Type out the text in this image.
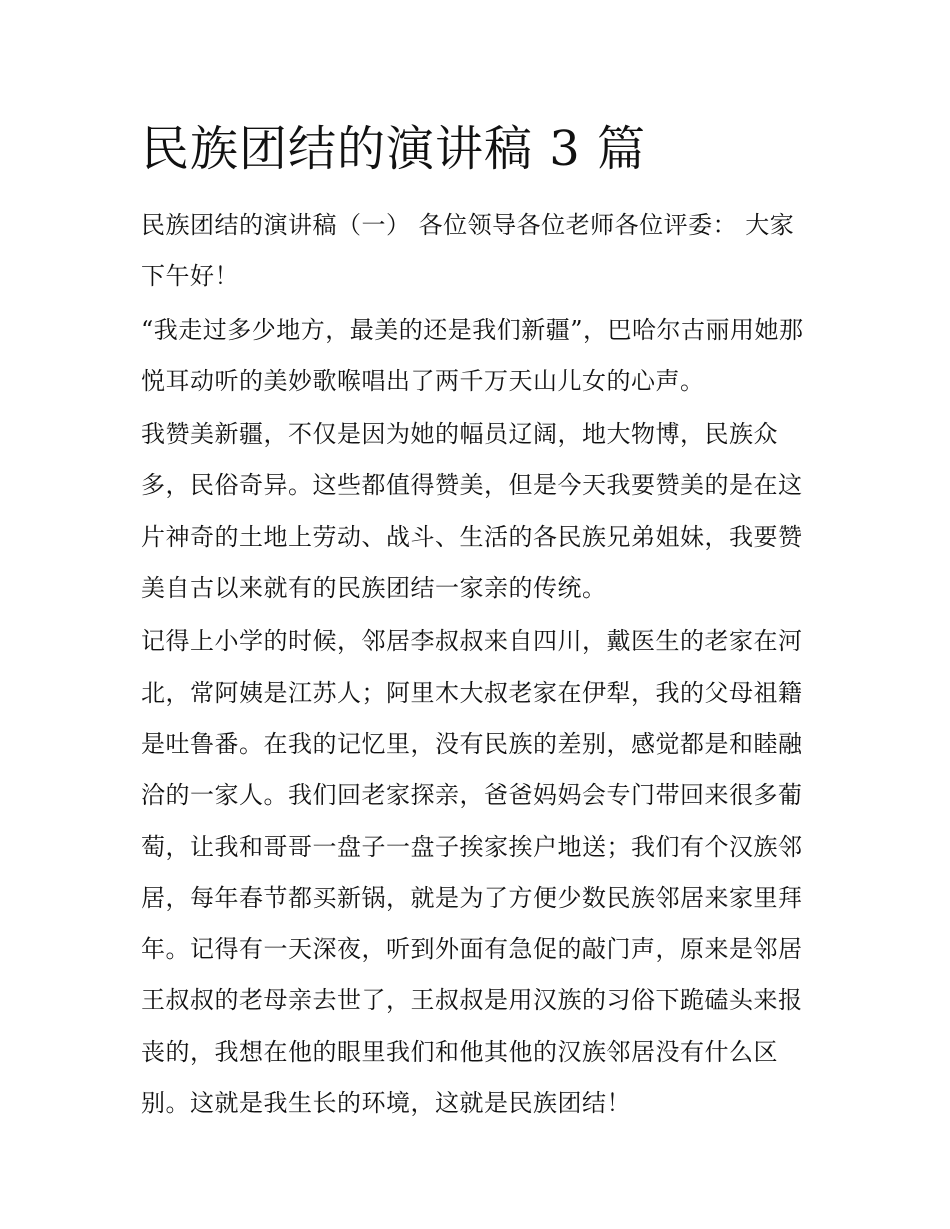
民族团结的演讲稿 3 篇

民族团结的演讲稿（一） 各位领导各位老师各位评委： 大家下午好！

“我走过多少地方，最美的还是我们新疆”，巴哈尔古丽用她那悦耳动听的美妙歌喉唱出了两千万天山儿女的心声。

我赞美新疆，不仅是因为她的幅员辽阔，地大物博，民族众多，民俗奇异。这些都值得赞美，但是今天我要赞美的是在这片神奇的土地上劳动、战斗、生活的各民族兄弟姐妹，我要赞美自古以来就有的民族团结一家亲的传统。

记得上小学的时候，邻居李叔叔来自四川，戴医生的老家在河北，常阿姨是江苏人；阿里木大叔老家在伊犁，我的父母祖籍是吐鲁番。在我的记忆里，没有民族的差别，感觉都是和睦融洽的一家人。我们回老家探亲，爸爸妈妈会专门带回来很多葡萄，让我和哥哥一盘子一盘子挨家挨户地送；我们有个汉族邻居，每年春节都买新锅，就是为了方便少数民族邻居来家里拜年。记得有一天深夜，听到外面有急促的敲门声，原来是邻居王叔叔的老母亲去世了，王叔叔是用汉族的习俗下跪磕头来报丧的，我想在他的眼里我们和他其他的汉族邻居没有什么区别。这就是我生长的环境，这就是民族团结！
